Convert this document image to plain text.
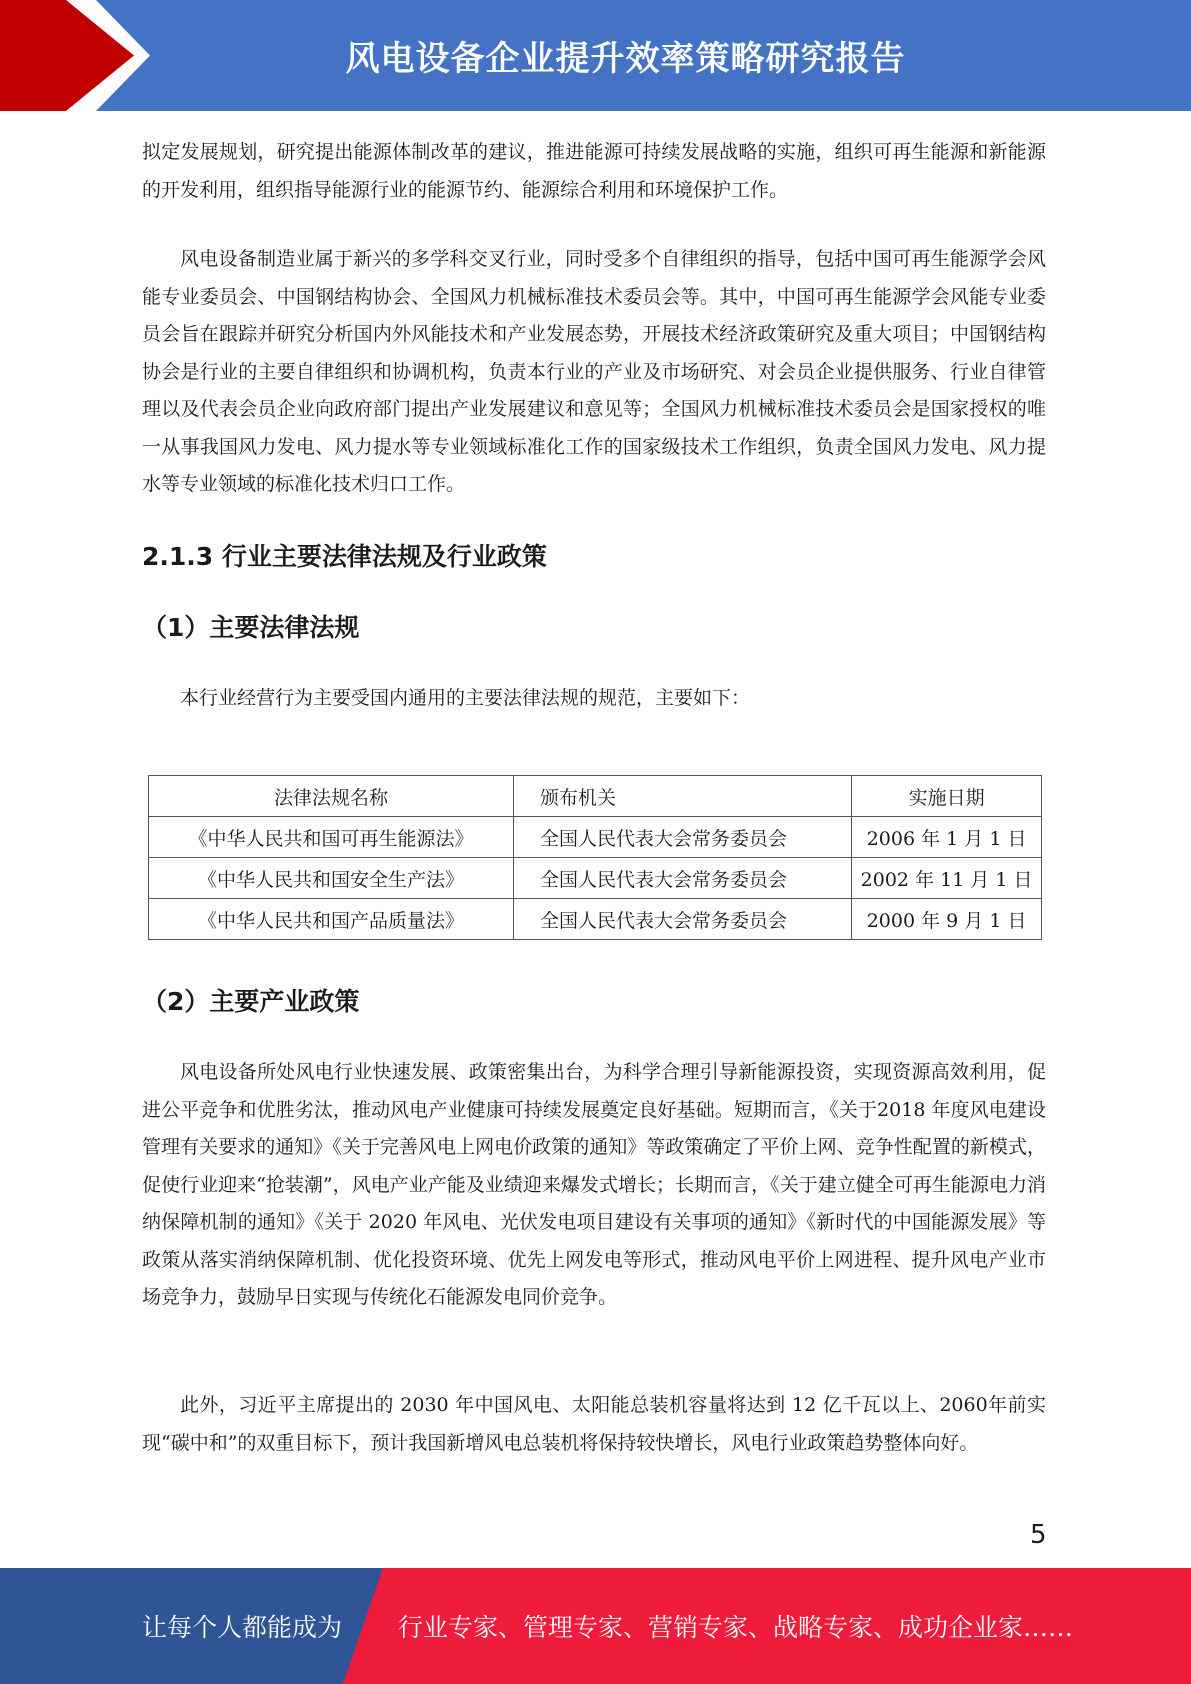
风电设备企业提升效率策略研究报告
拟定发展规划，研究提出能源体制改革的建议，推进能源可持续发展战略的实施，组织可再生能源和新能源的开发利用，组织指导能源行业的能源节约、能源综合利用和环境保护工作。
风电设备制造业属于新兴的多学科交叉行业，同时受多个自律组织的指导，包括中国可再生能源学会风能专业委员会、中国钢结构协会、全国风力机械标准技术委员会等。其中，中国可再生能源学会风能专业委员会旨在跟踪并研究分析国内外风能技术和产业发展态势，开展技术经济政策研究及重大项目；中国钢结构协会是行业的主要自律组织和协调机构，负责本行业的产业及市场研究、对会员企业提供服务、行业自律管理以及代表会员企业向政府部门提出产业发展建议和意见等；全国风力机械标准技术委员会是国家授权的唯一从事我国风力发电、风力提水等专业领域标准化工作的国家级技术工作组织，负责全国风力发电、风力提水等专业领域的标准化技术归口工作。
2.1.3 行业主要法律法规及行业政策
（1）主要法律法规
本行业经营行为主要受国内通用的主要法律法规的规范，主要如下：
法律法规名称	颁布机关	实施日期
《中华人民共和国可再生能源法》	全国人民代表大会常务委员会	2006 年 1 月 1 日
《中华人民共和国安全生产法》	全国人民代表大会常务委员会	2002 年 11 月 1 日
《中华人民共和国产品质量法》	全国人民代表大会常务委员会	2000 年 9 月 1 日
（2）主要产业政策
风电设备所处风电行业快速发展、政策密集出台，为科学合理引导新能源投资，实现资源高效利用，促进公平竞争和优胜劣汰，推动风电产业健康可持续发展奠定良好基础。短期而言，《关于2018 年度风电建设管理有关要求的通知》《关于完善风电上网电价政策的通知》等政策确定了平价上网、竞争性配置的新模式，促使行业迎来“抢装潮”，风电产业产能及业绩迎来爆发式增长；长期而言，《关于建立健全可再生能源电力消纳保障机制的通知》《关于 2020 年风电、光伏发电项目建设有关事项的通知》《新时代的中国能源发展》等政策从落实消纳保障机制、优化投资环境、优先上网发电等形式，推动风电平价上网进程、提升风电产业市场竞争力，鼓励早日实现与传统化石能源发电同价竞争。
此外，习近平主席提出的 2030 年中国风电、太阳能总装机容量将达到 12 亿千瓦以上、2060年前实现“碳中和”的双重目标下，预计我国新增风电总装机将保持较快增长，风电行业政策趋势整体向好。
5
让每个人都能成为 行业专家、管理专家、营销专家、战略专家、成功企业家……
